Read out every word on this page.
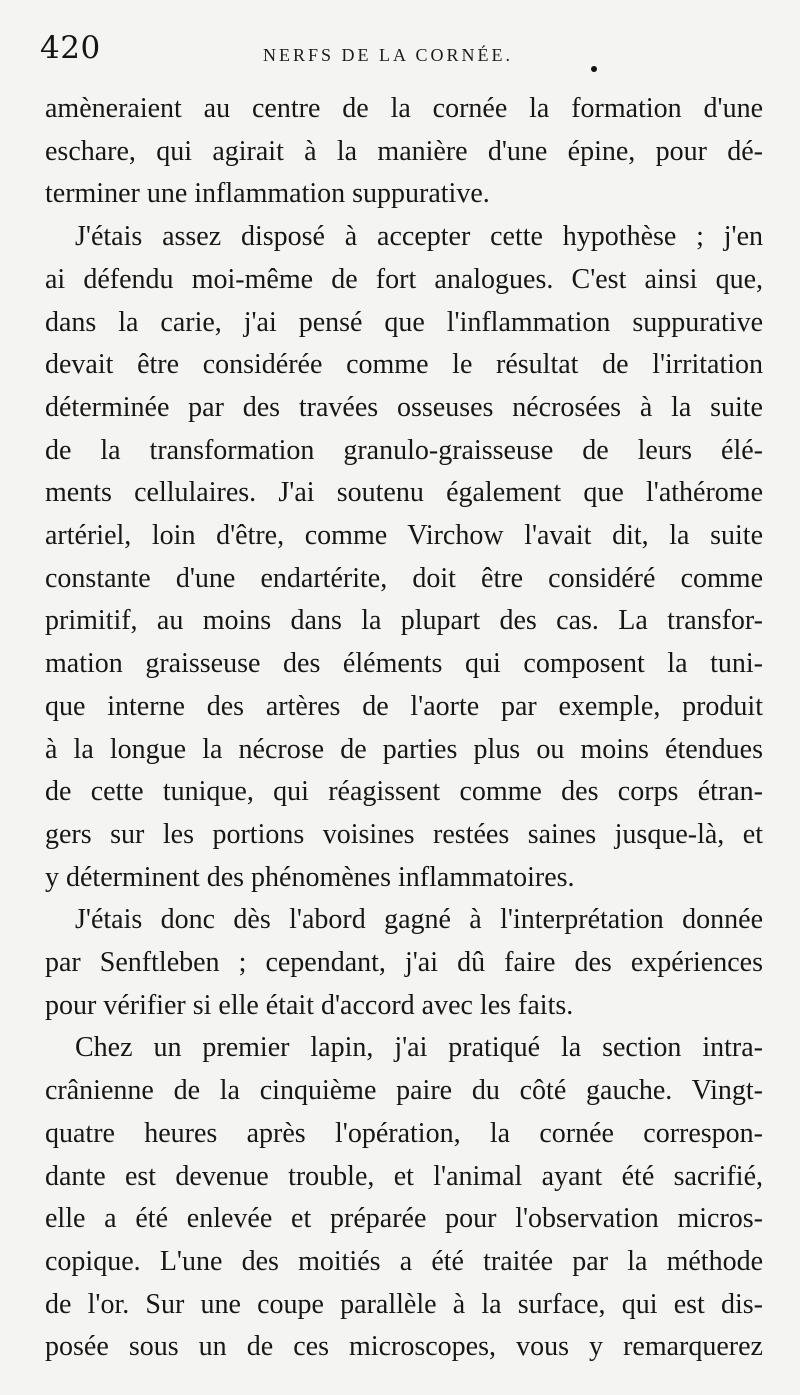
420	NERFS DE LA CORNÉE.

amèneraient au centre de la cornée la formation d'une
eschare, qui agirait à la manière d'une épine, pour dé-
terminer une inflammation suppurative.

J'étais assez disposé à accepter cette hypothèse ; j'en
ai défendu moi-même de fort analogues. C'est ainsi que,
dans la carie, j'ai pensé que l'inflammation suppurative
devait être considérée comme le résultat de l'irritation
déterminée par des travées osseuses nécrosées à la suite
de la transformation granulo-graisseuse de leurs élé-
ments cellulaires. J'ai soutenu également que l'athérome
artériel, loin d'être, comme Virchow l'avait dit, la suite
constante d'une endartérite, doit être considéré comme
primitif, au moins dans la plupart des cas. La transfor-
mation graisseuse des éléments qui composent la tuni-
que interne des artères de l'aorte par exemple, produit
à la longue la nécrose de parties plus ou moins étendues
de cette tunique, qui réagissent comme des corps étran-
gers sur les portions voisines restées saines jusque-là, et
y déterminent des phénomènes inflammatoires.

J'étais donc dès l'abord gagné à l'interprétation donnée
par Senftleben ; cependant, j'ai dû faire des expériences
pour vérifier si elle était d'accord avec les faits.

Chez un premier lapin, j'ai pratiqué la section intra-
crânienne de la cinquième paire du côté gauche. Vingt-
quatre heures après l'opération, la cornée correspon-
dante est devenue trouble, et l'animal ayant été sacrifié,
elle a été enlevée et préparée pour l'observation micros-
copique. L'une des moitiés a été traitée par la méthode
de l'or. Sur une coupe parallèle à la surface, qui est dis-
posée sous un de ces microscopes, vous y remarquerez
